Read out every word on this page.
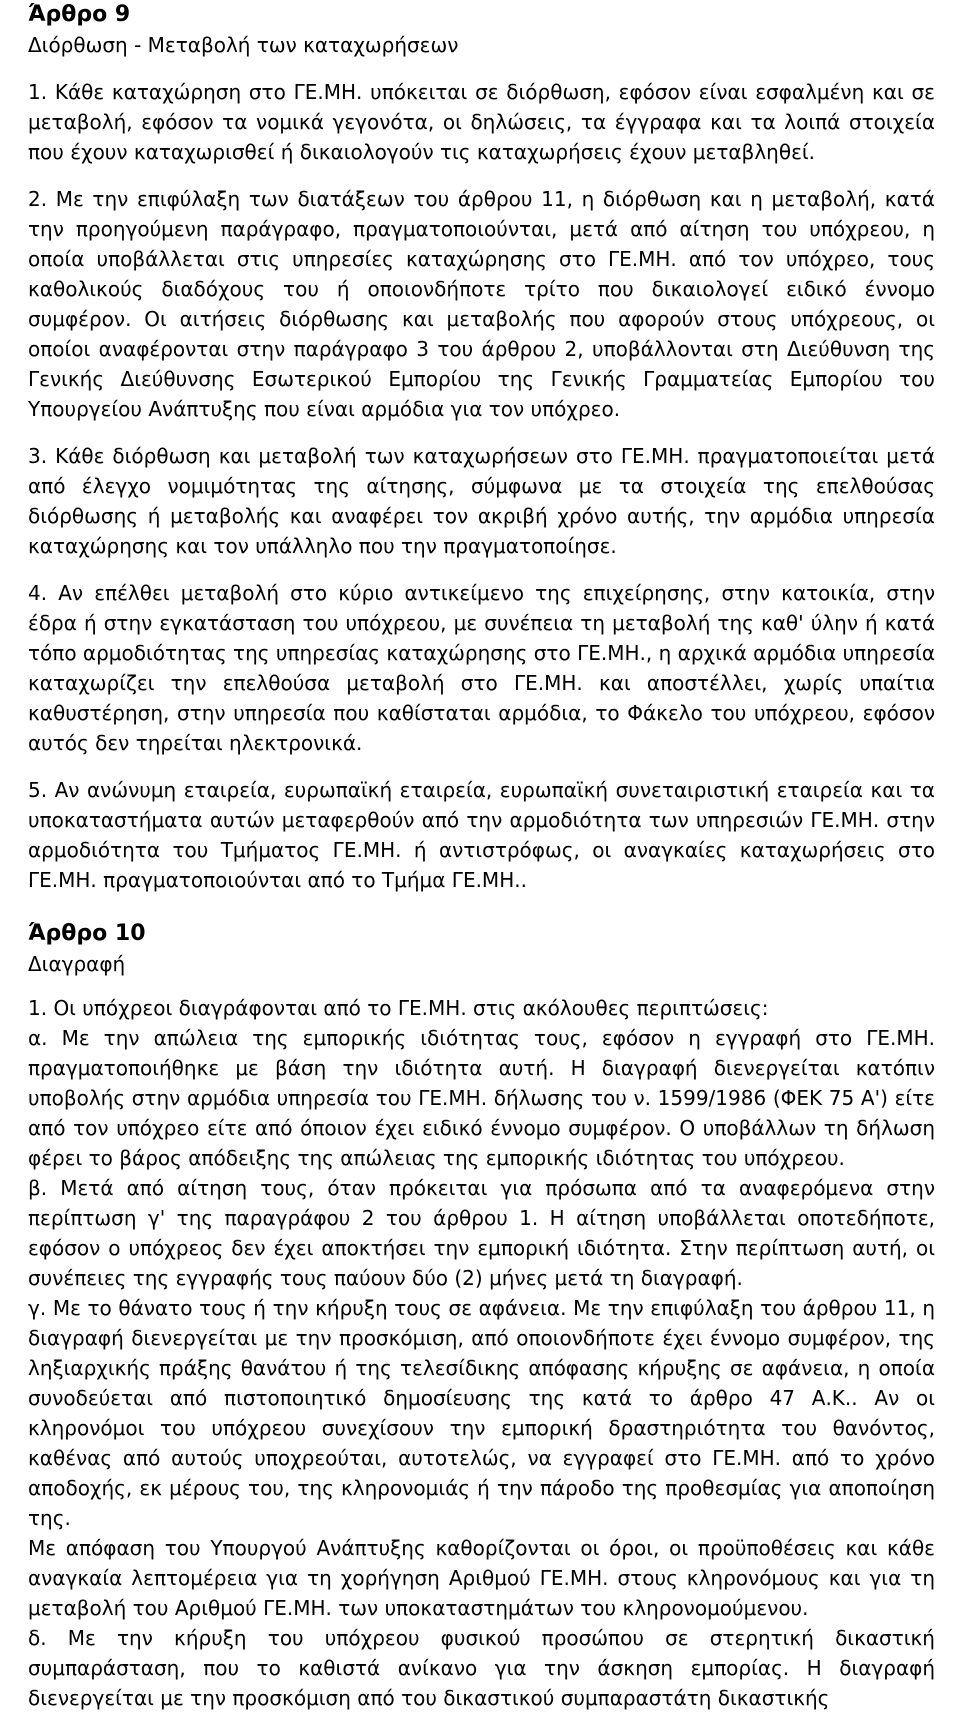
Άρθρο 9
Διόρθωση - Μεταβολή των καταχωρήσεων

1. Κάθε καταχώρηση στο ΓΕ.ΜΗ. υπόκειται σε διόρθωση, εφόσον είναι εσφαλμένη και σε μεταβολή, εφόσον τα νομικά γεγονότα, οι δηλώσεις, τα έγγραφα και τα λοιπά στοιχεία που έχουν καταχωρισθεί ή δικαιολογούν τις καταχωρήσεις έχουν μεταβληθεί.

2. Με την επιφύλαξη των διατάξεων του άρθρου 11, η διόρθωση και η μεταβολή, κατά την προηγούμενη παράγραφο, πραγματοποιούνται, μετά από αίτηση του υπόχρεου, η οποία υποβάλλεται στις υπηρεσίες καταχώρησης στο ΓΕ.ΜΗ. από τον υπόχρεο, τους καθολικούς διαδόχους του ή οποιονδήποτε τρίτο που δικαιολογεί ειδικό έννομο συμφέρον. Οι αιτήσεις διόρθωσης και μεταβολής που αφορούν στους υπόχρεους, οι οποίοι αναφέρονται στην παράγραφο 3 του άρθρου 2, υποβάλλονται στη Διεύθυνση της Γενικής Διεύθυνσης Εσωτερικού Εμπορίου της Γενικής Γραμματείας Εμπορίου του Υπουργείου Ανάπτυξης που είναι αρμόδια για τον υπόχρεο.

3. Κάθε διόρθωση και μεταβολή των καταχωρήσεων στο ΓΕ.ΜΗ. πραγματοποιείται μετά από έλεγχο νομιμότητας της αίτησης, σύμφωνα με τα στοιχεία της επελθούσας διόρθωσης ή μεταβολής και αναφέρει τον ακριβή χρόνο αυτής, την αρμόδια υπηρεσία καταχώρησης και τον υπάλληλο που την πραγματοποίησε.

4. Αν επέλθει μεταβολή στο κύριο αντικείμενο της επιχείρησης, στην κατοικία, στην έδρα ή στην εγκατάσταση του υπόχρεου, με συνέπεια τη μεταβολή της καθ' ύλην ή κατά τόπο αρμοδιότητας της υπηρεσίας καταχώρησης στο ΓΕ.ΜΗ., η αρχικά αρμόδια υπηρεσία καταχωρίζει την επελθούσα μεταβολή στο ΓΕ.ΜΗ. και αποστέλλει, χωρίς υπαίτια καθυστέρηση, στην υπηρεσία που καθίσταται αρμόδια, το Φάκελο του υπόχρεου, εφόσον αυτός δεν τηρείται ηλεκτρονικά.

5. Αν ανώνυμη εταιρεία, ευρωπαϊκή εταιρεία, ευρωπαϊκή συνεταιριστική εταιρεία και τα υποκαταστήματα αυτών μεταφερθούν από την αρμοδιότητα των υπηρεσιών ΓΕ.ΜΗ. στην αρμοδιότητα του Τμήματος ΓΕ.ΜΗ. ή αντιστρόφως, οι αναγκαίες καταχωρήσεις στο ΓΕ.ΜΗ. πραγματοποιούνται από το Τμήμα ΓΕ.ΜΗ..

Άρθρο 10
Διαγραφή

1. Οι υπόχρεοι διαγράφονται από το ΓΕ.ΜΗ. στις ακόλουθες περιπτώσεις:

α. Με την απώλεια της εμπορικής ιδιότητας τους, εφόσον η εγγραφή στο ΓΕ.ΜΗ. πραγματοποιήθηκε με βάση την ιδιότητα αυτή. Η διαγραφή διενεργείται κατόπιν υποβολής στην αρμόδια υπηρεσία του ΓΕ.ΜΗ. δήλωσης του ν. 1599/1986 (ΦΕΚ 75 Α') είτε από τον υπόχρεο είτε από όποιον έχει ειδικό έννομο συμφέρον. Ο υποβάλλων τη δήλωση φέρει το βάρος απόδειξης της απώλειας της εμπορικής ιδιότητας του υπόχρεου.

β. Μετά από αίτηση τους, όταν πρόκειται για πρόσωπα από τα αναφερόμενα στην περίπτωση γ' της παραγράφου 2 του άρθρου 1. Η αίτηση υποβάλλεται οποτεδήποτε, εφόσον ο υπόχρεος δεν έχει αποκτήσει την εμπορική ιδιότητα. Στην περίπτωση αυτή, οι συνέπειες της εγγραφής τους παύουν δύο (2) μήνες μετά τη διαγραφή.

γ. Με το θάνατο τους ή την κήρυξη τους σε αφάνεια. Με την επιφύλαξη του άρθρου 11, η διαγραφή διενεργείται με την προσκόμιση, από οποιονδήποτε έχει έννομο συμφέρον, της ληξιαρχικής πράξης θανάτου ή της τελεσίδικης απόφασης κήρυξης σε αφάνεια, η οποία συνοδεύεται από πιστοποιητικό δημοσίευσης της κατά το άρθρο 47 Α.Κ.. Αν οι κληρονόμοι του υπόχρεου συνεχίσουν την εμπορική δραστηριότητα του θανόντος, καθένας από αυτούς υποχρεούται, αυτοτελώς, να εγγραφεί στο ΓΕ.ΜΗ. από το χρόνο αποδοχής, εκ μέρους του, της κληρονομιάς ή την πάροδο της προθεσμίας για αποποίηση της.

Με απόφαση του Υπουργού Ανάπτυξης καθορίζονται οι όροι, οι προϋποθέσεις και κάθε αναγκαία λεπτομέρεια για τη χορήγηση Αριθμού ΓΕ.ΜΗ. στους κληρονόμους και για τη μεταβολή του Αριθμού ΓΕ.ΜΗ. των υποκαταστημάτων του κληρονομούμενου.

δ. Με την κήρυξη του υπόχρεου φυσικού προσώπου σε στερητική δικαστική συμπαράσταση, που το καθιστά ανίκανο για την άσκηση εμπορίας. Η διαγραφή διενεργείται με την προσκόμιση από του δικαστικού συμπαραστάτη δικαστικής
